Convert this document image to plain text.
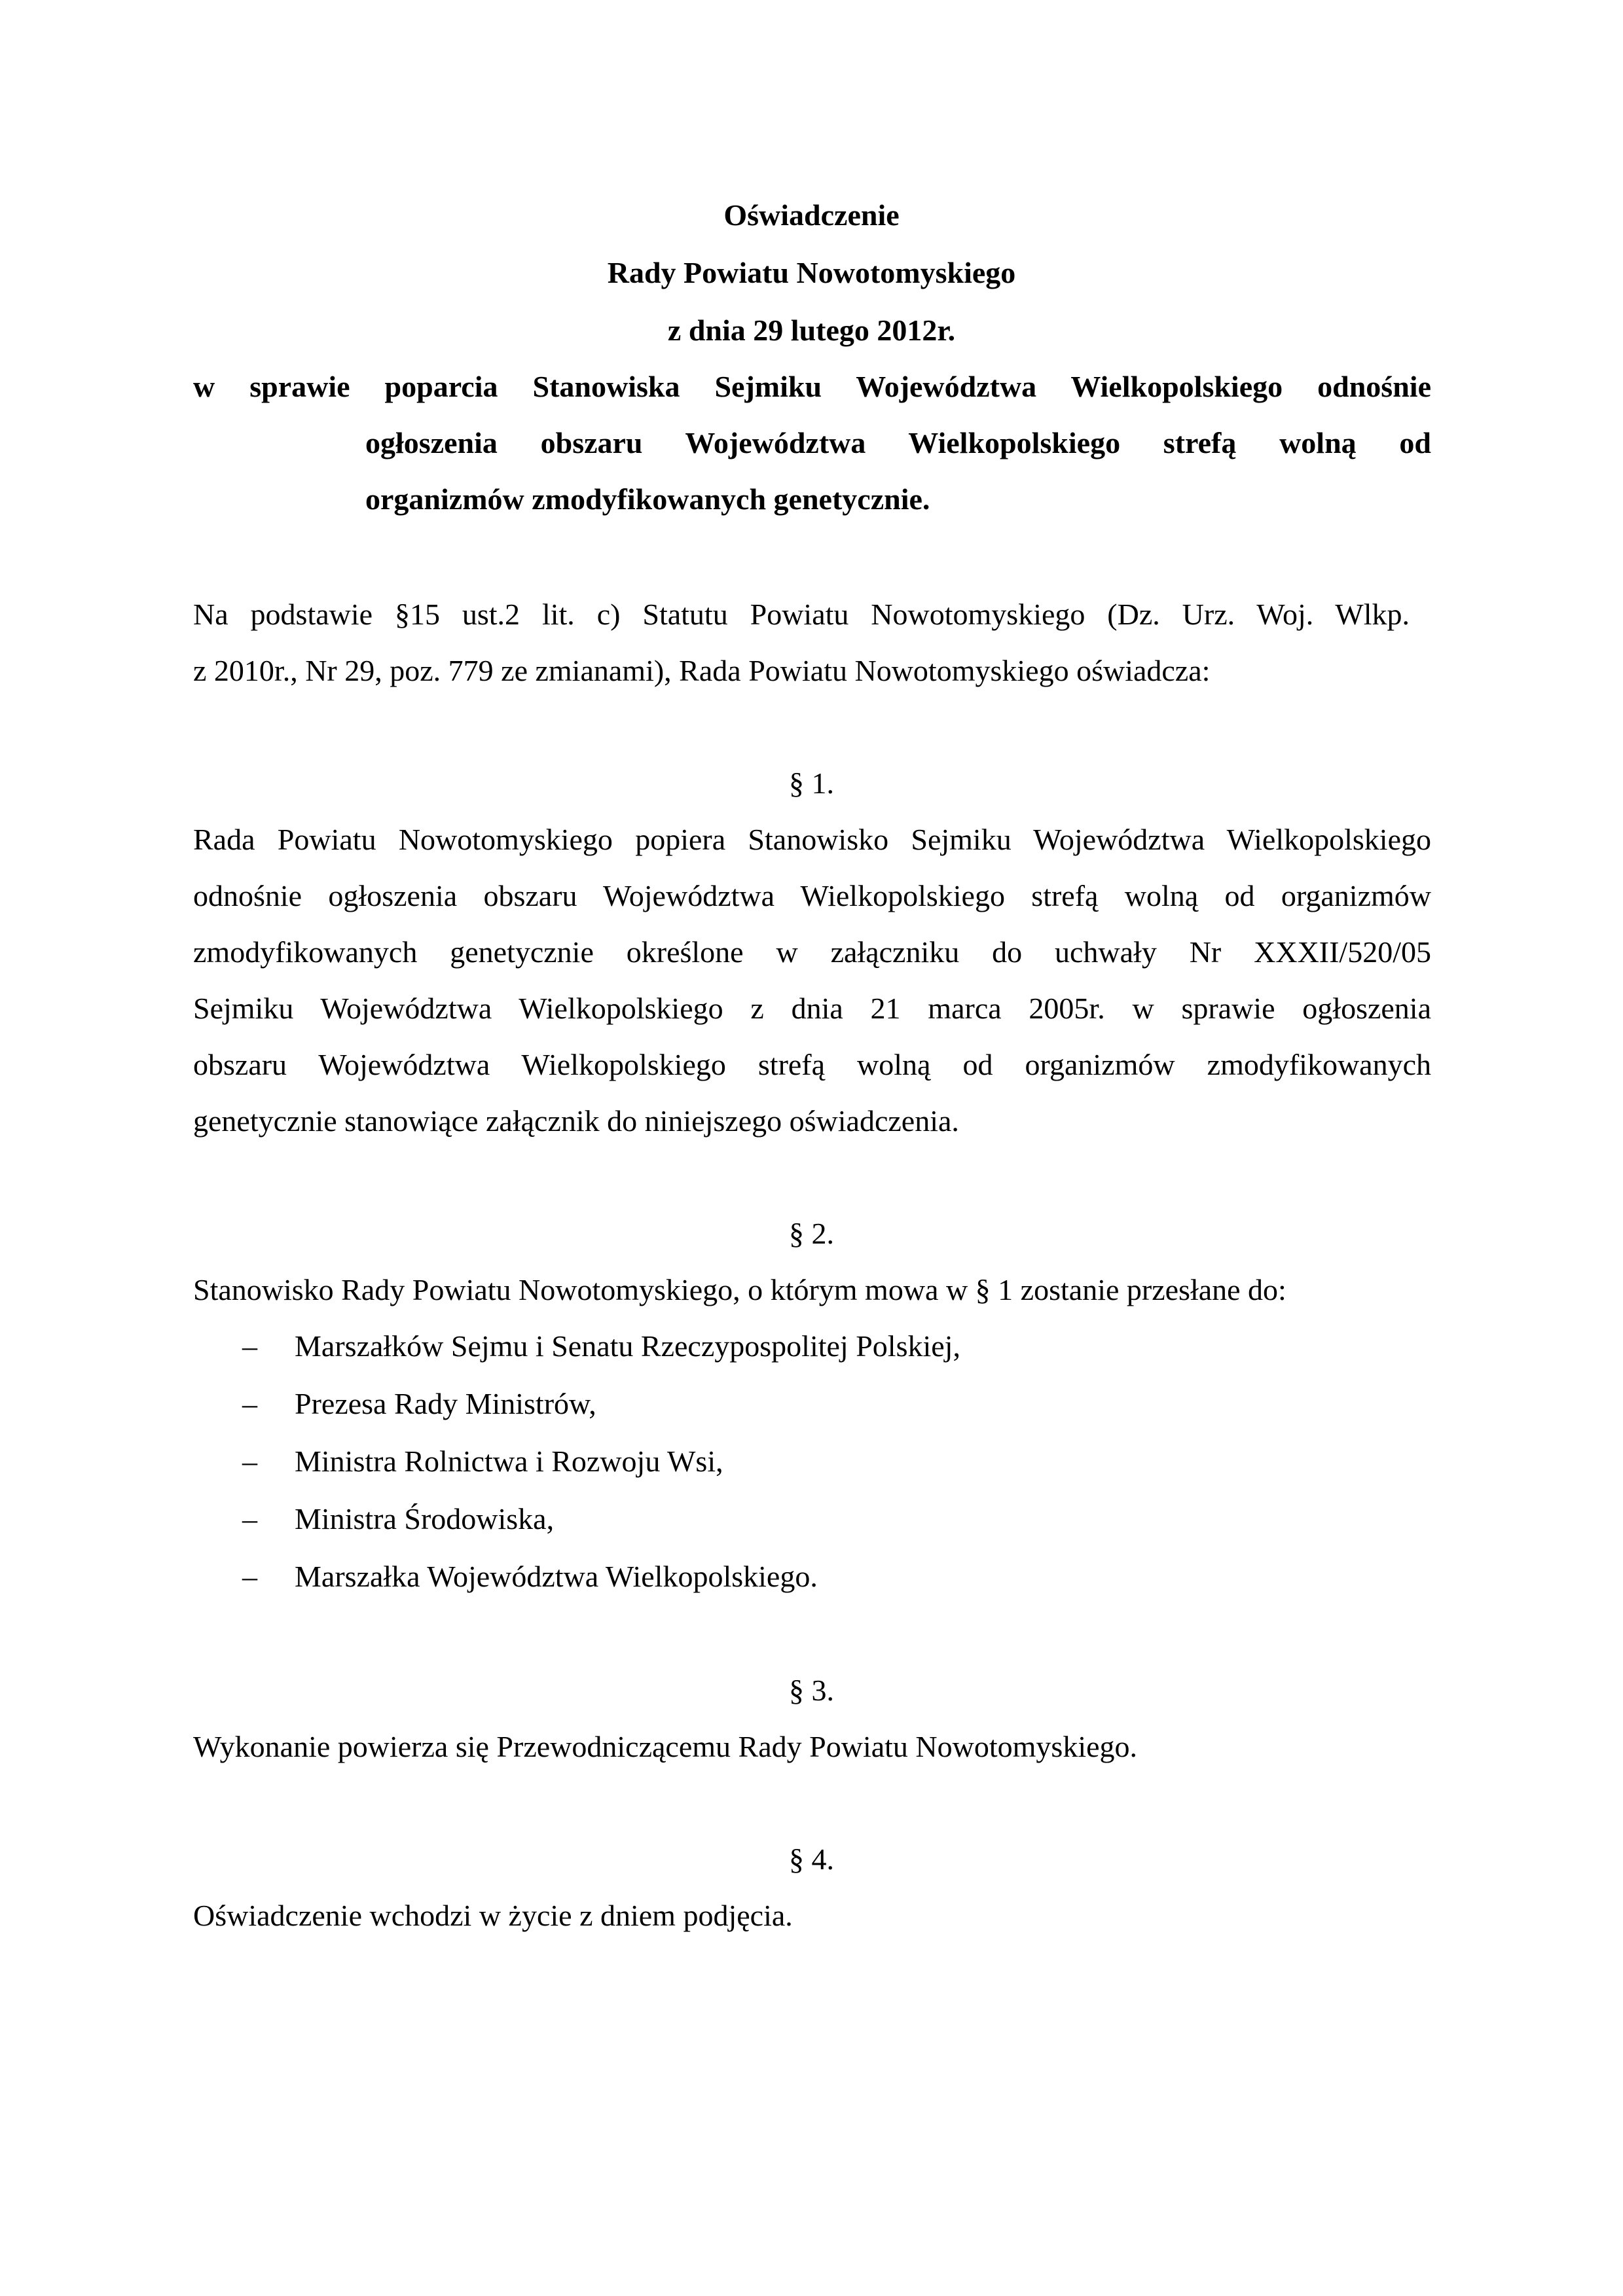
Oświadczenie
Rady Powiatu Nowotomyskiego
z dnia 29 lutego 2012r.
w sprawie poparcia Stanowiska Sejmiku Województwa Wielkopolskiego odnośnie
ogłoszenia obszaru Województwa Wielkopolskiego strefą wolną od
organizmów zmodyfikowanych genetycznie.
Na podstawie §15 ust.2 lit. c) Statutu Powiatu Nowotomyskiego (Dz. Urz. Woj. Wlkp.
z 2010r., Nr 29, poz. 779 ze zmianami), Rada Powiatu Nowotomyskiego oświadcza:
§ 1.
Rada Powiatu Nowotomyskiego popiera Stanowisko Sejmiku Województwa Wielkopolskiego
odnośnie ogłoszenia obszaru Województwa Wielkopolskiego strefą wolną od organizmów
zmodyfikowanych genetycznie określone w załączniku do uchwały Nr XXXII/520/05
Sejmiku Województwa Wielkopolskiego z dnia 21 marca 2005r. w sprawie ogłoszenia
obszaru Województwa Wielkopolskiego strefą wolną od organizmów zmodyfikowanych
genetycznie stanowiące załącznik do niniejszego oświadczenia.
§ 2.
Stanowisko Rady Powiatu Nowotomyskiego, o którym mowa w § 1 zostanie przesłane do:
– Marszałków Sejmu i Senatu Rzeczypospolitej Polskiej,
– Prezesa Rady Ministrów,
– Ministra Rolnictwa i Rozwoju Wsi,
– Ministra Środowiska,
– Marszałka Województwa Wielkopolskiego.
§ 3.
Wykonanie powierza się Przewodniczącemu Rady Powiatu Nowotomyskiego.
§ 4.
Oświadczenie wchodzi w życie z dniem podjęcia.
